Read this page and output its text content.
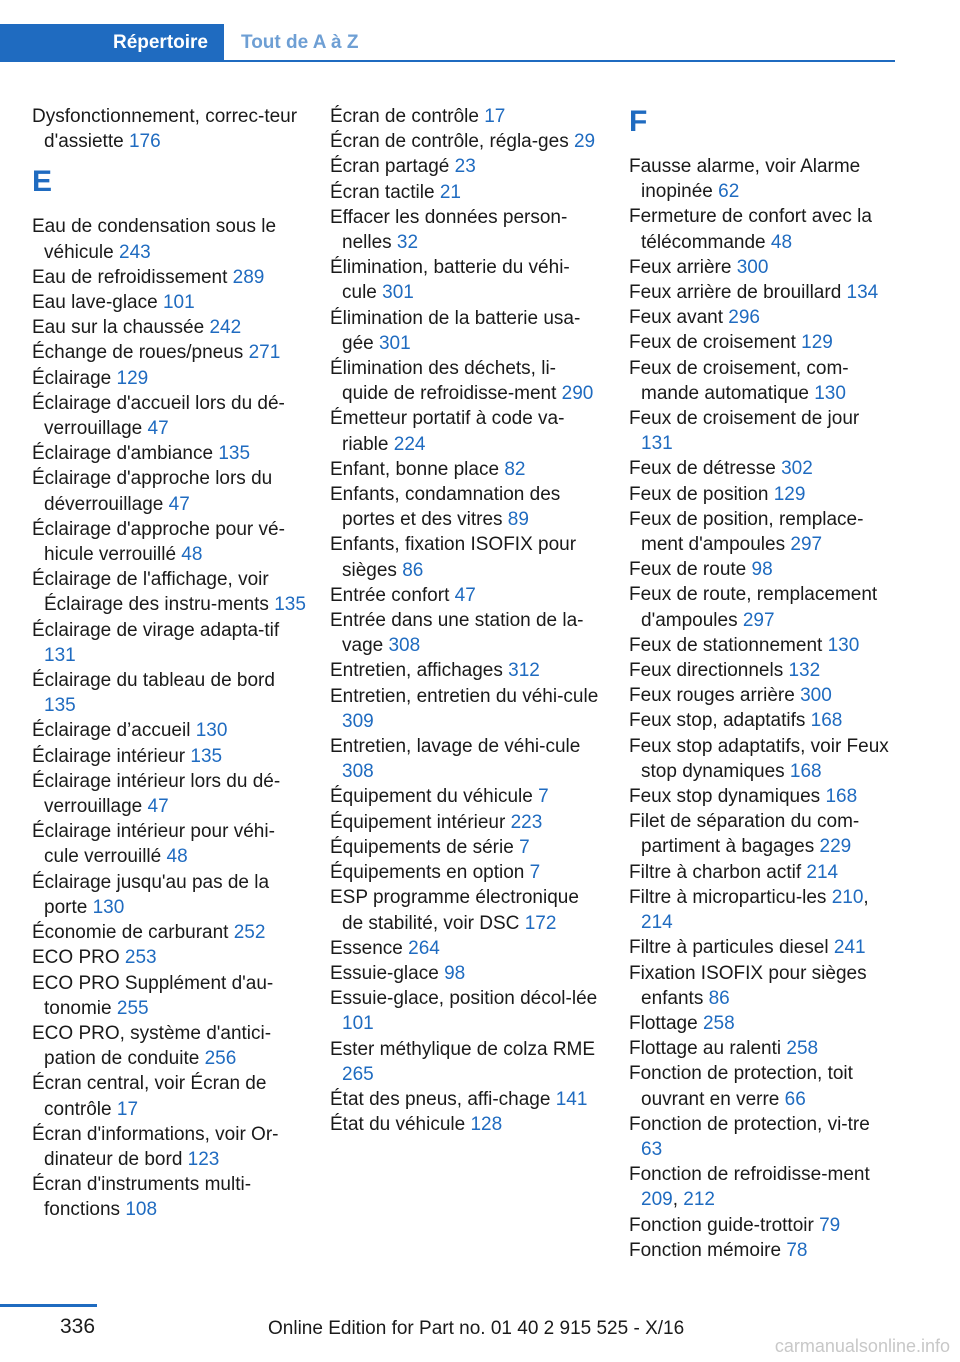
Répertoire	Tout de A à Z
Dysfonctionnement, correc-teur d'assiette 176
E
Eau de condensation sous le véhicule 243
Eau de refroidissement 289
Eau lave-glace 101
Eau sur la chaussée 242
Échange de roues/pneus 271
Éclairage 129
Éclairage d'accueil lors du dé-verrouillage 47
Éclairage d'ambiance 135
Éclairage d'approche lors du déverrouillage 47
Éclairage d'approche pour vé-hicule verrouillé 48
Éclairage de l'affichage, voir Éclairage des instru-ments 135
Éclairage de virage adapta-tif 131
Éclairage du tableau de bord 135
Éclairage d’accueil 130
Éclairage intérieur 135
Éclairage intérieur lors du dé-verrouillage 47
Éclairage intérieur pour véhi-cule verrouillé 48
Éclairage jusqu'au pas de la porte 130
Économie de carburant 252
ECO PRO 253
ECO PRO Supplément d'au-tonomie 255
ECO PRO, système d'antici-pation de conduite 256
Écran central, voir Écran de contrôle 17
Écran d'informations, voir Or-dinateur de bord 123
Écran d'instruments multi-fonctions 108
Écran de contrôle 17
Écran de contrôle, régla-ges 29
Écran partagé 23
Écran tactile 21
Effacer les données person-nelles 32
Élimination, batterie du véhi-cule 301
Élimination de la batterie usa-gée 301
Élimination des déchets, li-quide de refroidisse-ment 290
Émetteur portatif à code va-riable 224
Enfant, bonne place 82
Enfants, condamnation des portes et des vitres 89
Enfants, fixation ISOFIX pour sièges 86
Entrée confort 47
Entrée dans une station de la-vage 308
Entretien, affichages 312
Entretien, entretien du véhi-cule 309
Entretien, lavage de véhi-cule 308
Équipement du véhicule 7
Équipement intérieur 223
Équipements de série 7
Équipements en option 7
ESP programme électronique de stabilité, voir DSC 172
Essence 264
Essuie-glace 98
Essuie-glace, position décol-lée 101
Ester méthylique de colza RME 265
État des pneus, affi-chage 141
État du véhicule 128
F
Fausse alarme, voir Alarme inopinée 62
Fermeture de confort avec la télécommande 48
Feux arrière 300
Feux arrière de brouillard 134
Feux avant 296
Feux de croisement 129
Feux de croisement, com-mande automatique 130
Feux de croisement de jour 131
Feux de détresse 302
Feux de position 129
Feux de position, remplace-ment d'ampoules 297
Feux de route 98
Feux de route, remplacement d'ampoules 297
Feux de stationnement 130
Feux directionnels 132
Feux rouges arrière 300
Feux stop, adaptatifs 168
Feux stop adaptatifs, voir Feux stop dynamiques 168
Feux stop dynamiques 168
Filet de séparation du com-partiment à bagages 229
Filtre à charbon actif 214
Filtre à microparticu-les 210, 214
Filtre à particules diesel 241
Fixation ISOFIX pour sièges enfants 86
Flottage 258
Flottage au ralenti 258
Fonction de protection, toit ouvrant en verre 66
Fonction de protection, vi-tre 63
Fonction de refroidisse-ment 209, 212
Fonction guide-trottoir 79
Fonction mémoire 78
336	Online Edition for Part no. 01 40 2 915 525 - X/16
carmanualsonline.info
